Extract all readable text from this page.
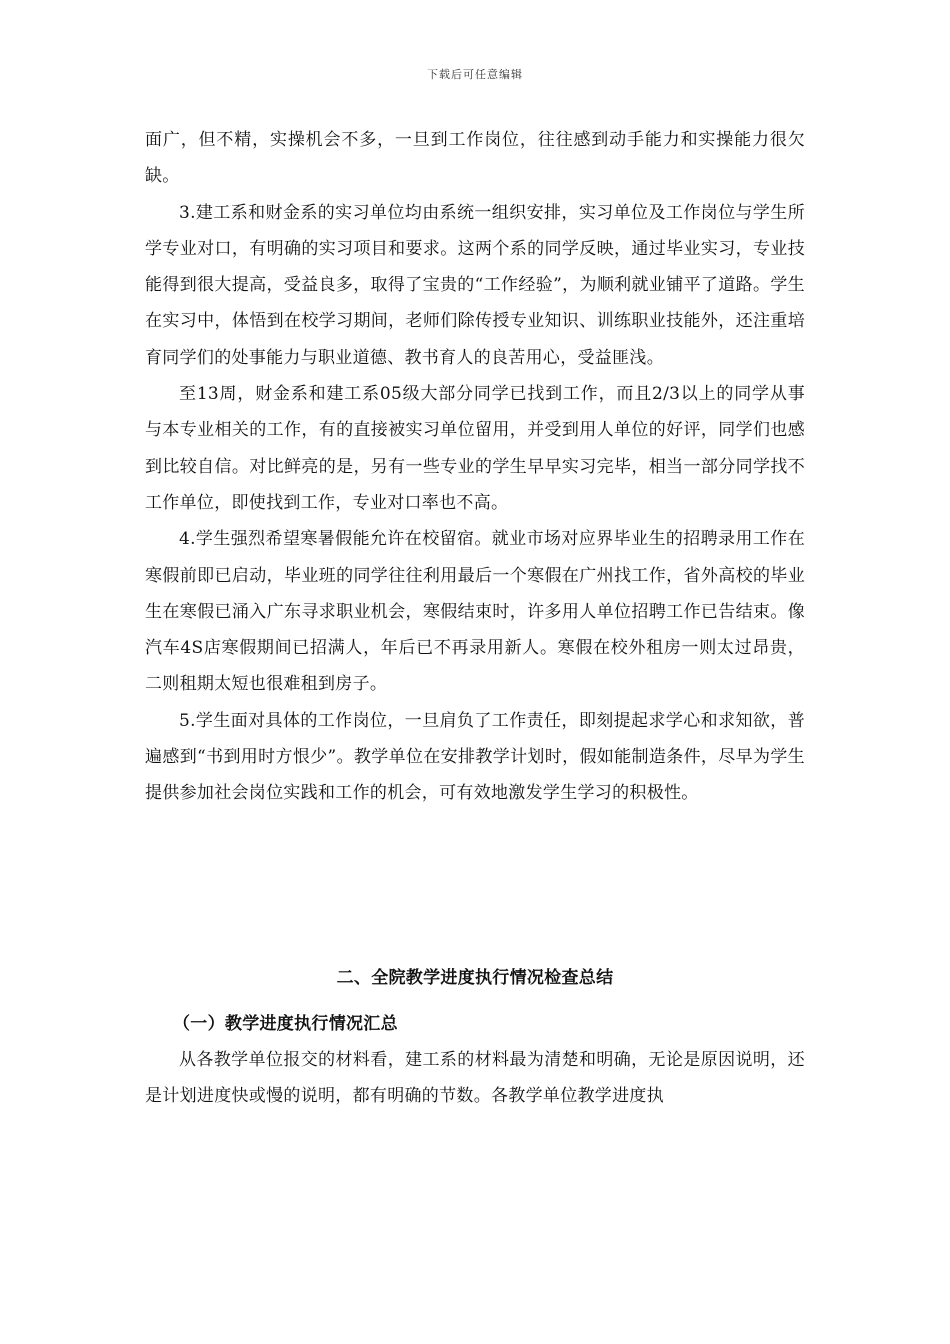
下载后可任意编辑

面广，但不精，实操机会不多，一旦到工作岗位，往往感到动手能力和实操能力很欠缺。

3.建工系和财金系的实习单位均由系统一组织安排，实习单位及工作岗位与学生所学专业对口，有明确的实习项目和要求。这两个系的同学反映，通过毕业实习，专业技能得到很大提高，受益良多，取得了宝贵的“工作经验”，为顺利就业铺平了道路。学生在实习中，体悟到在校学习期间，老师们除传授专业知识、训练职业技能外，还注重培育同学们的处事能力与职业道德、教书育人的良苦用心，受益匪浅。

至13周，财金系和建工系05级大部分同学已找到工作，而且2/3以上的同学从事与本专业相关的工作，有的直接被实习单位留用，并受到用人单位的好评，同学们也感到比较自信。对比鲜亮的是，另有一些专业的学生早早实习完毕，相当一部分同学找不工作单位，即使找到工作，专业对口率也不高。

4.学生强烈希望寒暑假能允许在校留宿。就业市场对应界毕业生的招聘录用工作在寒假前即已启动，毕业班的同学往往利用最后一个寒假在广州找工作，省外高校的毕业生在寒假已涌入广东寻求职业机会，寒假结束时，许多用人单位招聘工作已告结束。像汽车4S店寒假期间已招满人，年后已不再录用新人。寒假在校外租房一则太过昂贵，二则租期太短也很难租到房子。

5.学生面对具体的工作岗位，一旦肩负了工作责任，即刻提起求学心和求知欲，普遍感到“书到用时方恨少”。教学单位在安排教学计划时，假如能制造条件，尽早为学生提供参加社会岗位实践和工作的机会，可有效地激发学生学习的积极性。

二、全院教学进度执行情况检查总结

（一）教学进度执行情况汇总

从各教学单位报交的材料看，建工系的材料最为清楚和明确，无论是原因说明，还是计划进度快或慢的说明，都有明确的节数。各教学单位教学进度执
